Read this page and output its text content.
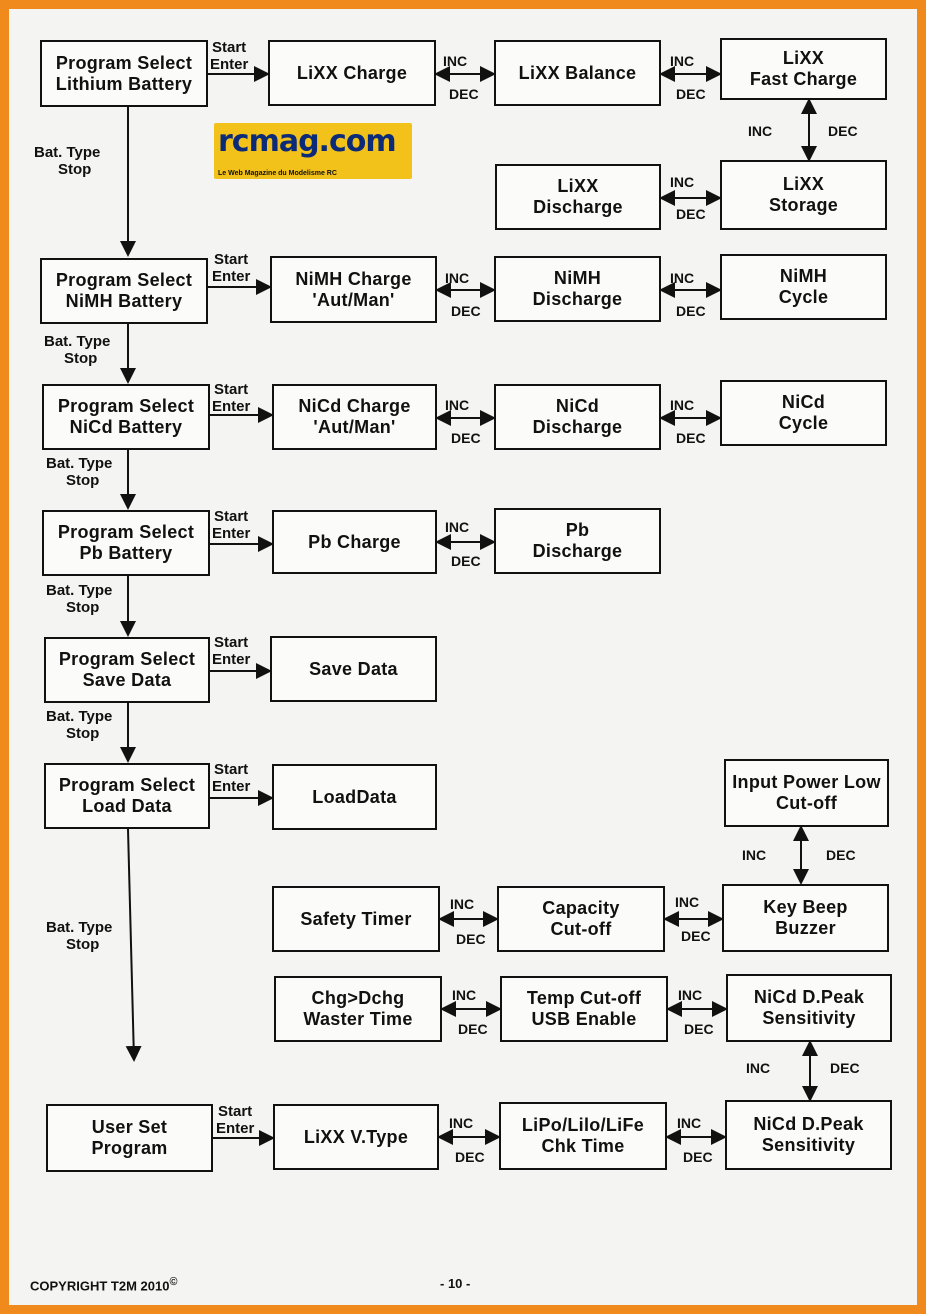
rcmag.com
Le Web Magazine du Modelisme RC
Program Select
Lithium Battery
LiXX Charge	LiXX Balance
LiXX
Fast Charge
LiXX
Discharge
LiXX
Storage
Program Select
NiMH Battery
NiMH Charge
'Aut/Man'
NiMH
Discharge
NiMH
Cycle
Program Select
NiCd Battery
NiCd Charge
'Aut/Man'
NiCd
Discharge
NiCd
Cycle
Program Select
Pb Battery
Pb Charge
Pb
Discharge
Program Select
Save Data
Save Data
Program Select
Load Data	LoadData
Input Power Low
Cut-off
Safety Timer
Capacity
Cut-off
Key Beep
Buzzer
Chg>Dchg
Waster Time
Temp Cut-off
USB Enable
NiCd D.Peak
Sensitivity
User Set
Program
LiXX V.Type
LiPo/Lilo/LiFe
Chk Time
NiCd D.Peak
Sensitivity
Start
Enter
Start
Enter
Start
Enter
Start
Enter
Start
Enter
Start
Enter
Start
Enter
Bat. Type
Stop
Bat. Type
Stop
Bat. Type
Stop
Bat. Type
Stop
Bat. Type
Stop
Bat. Type
Stop
INC
DEC
INC
DEC
INC
DEC
INC
DEC
INC
DEC
INC
DEC
INC
DEC
INC
DEC
INC
DEC
INC
DEC
INC
DEC
INC
DEC
INC
DEC
INC
DEC
INC	DEC
INC	DEC
INC	DEC
COPYRIGHT T2M 2010©	- 10 -
